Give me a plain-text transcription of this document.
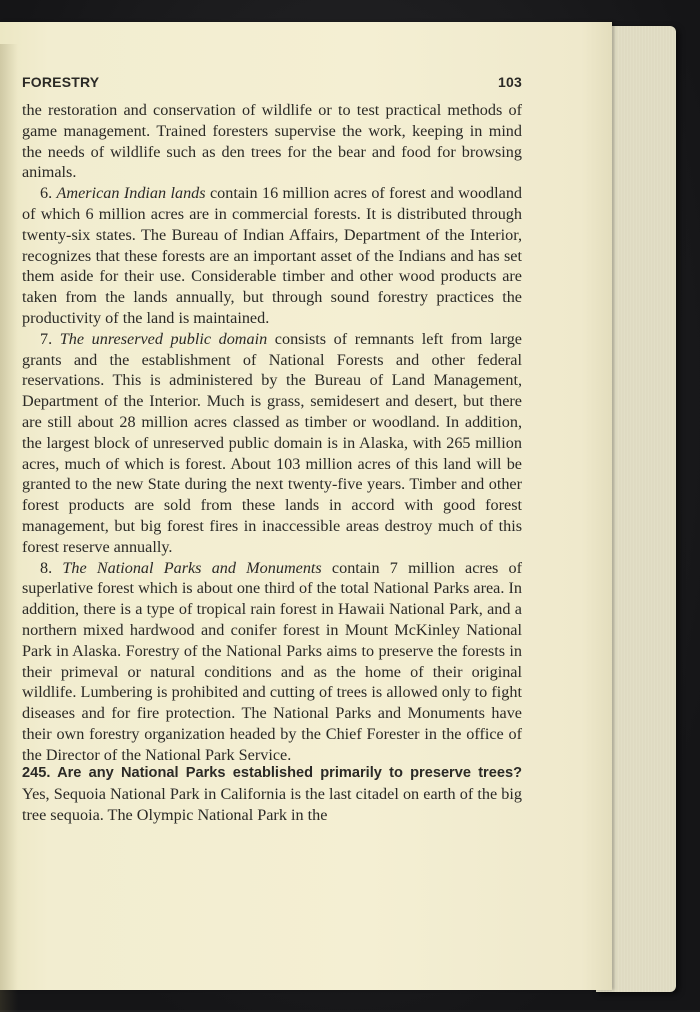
FORESTRY	103

the restoration and conservation of wildlife or to test practical methods of game management. Trained foresters supervise the work, keeping in mind the needs of wildlife such as den trees for the bear and food for browsing animals.

6. American Indian lands contain 16 million acres of forest and woodland of which 6 million acres are in commercial forests. It is distributed through twenty-six states. The Bureau of Indian Affairs, Department of the Interior, recognizes that these forests are an important asset of the Indians and has set them aside for their use. Considerable timber and other wood products are taken from the lands annually, but through sound forestry practices the productivity of the land is maintained.

7. The unreserved public domain consists of remnants left from large grants and the establishment of National Forests and other federal reservations. This is administered by the Bureau of Land Management, Department of the Interior. Much is grass, semidesert and desert, but there are still about 28 million acres classed as timber or woodland. In addition, the largest block of unreserved public domain is in Alaska, with 265 million acres, much of which is forest. About 103 million acres of this land will be granted to the new State during the next twenty-five years. Timber and other forest products are sold from these lands in accord with good forest management, but big forest fires in inaccessible areas destroy much of this forest reserve annually.

8. The National Parks and Monuments contain 7 million acres of superlative forest which is about one third of the total National Parks area. In addition, there is a type of tropical rain forest in Hawaii National Park, and a northern mixed hardwood and conifer forest in Mount McKinley National Park in Alaska. Forestry of the National Parks aims to preserve the forests in their primeval or natural conditions and as the home of their original wildlife. Lumbering is prohibited and cutting of trees is allowed only to fight diseases and for fire protection. The National Parks and Monuments have their own forestry organization headed by the Chief Forester in the office of the Director of the National Park Service.

245. Are any National Parks established primarily to preserve trees? Yes, Sequoia National Park in California is the last citadel on earth of the big tree sequoia. The Olympic National Park in the
